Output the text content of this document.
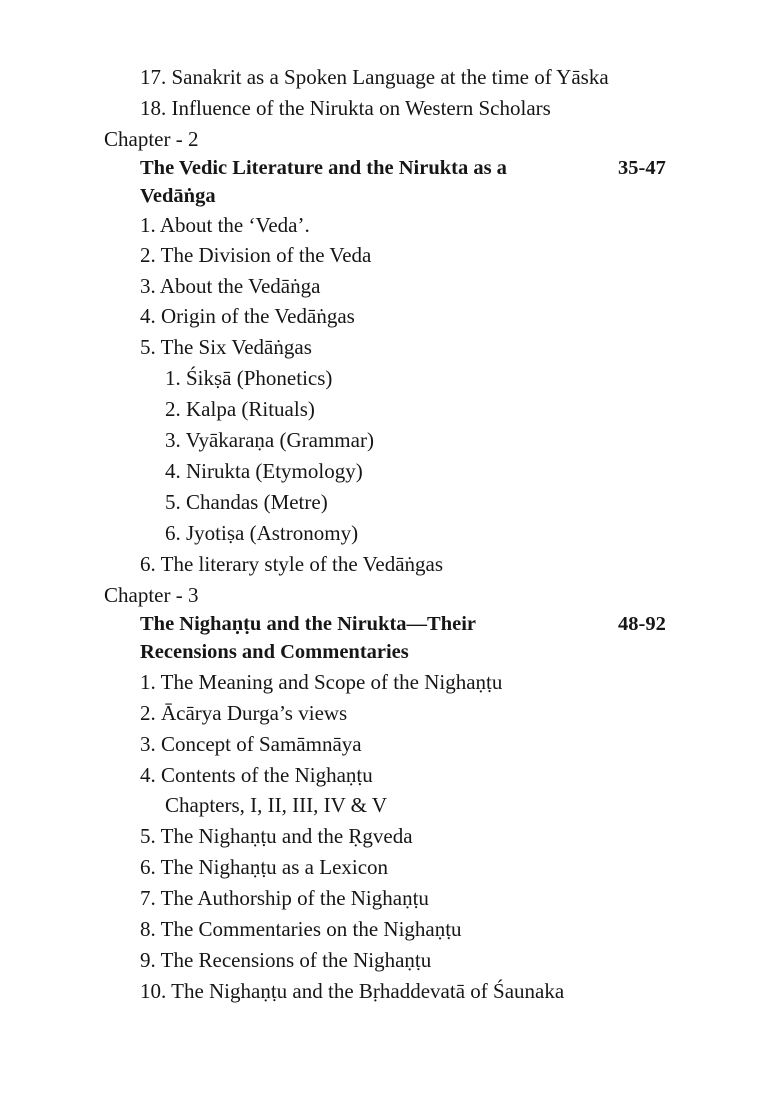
17. Sanakrit as a Spoken Language at the time of Yāska
18. Influence of the Nirukta on Western Scholars
Chapter - 2
The Vedic Literature and the Nirukta as a	35-47
Vedāṅga
1. About the ‘Veda’.
2. The Division of the Veda
3. About the Vedāṅga
4. Origin of the Vedāṅgas
5. The Six Vedāṅgas
1. Śikṣā (Phonetics)
2. Kalpa (Rituals)
3. Vyākaraṇa (Grammar)
4. Nirukta (Etymology)
5. Chandas (Metre)
6. Jyotiṣa (Astronomy)
6. The literary style of the Vedāṅgas
Chapter - 3
The Nighaṇṭu and the Nirukta—Their	48-92
Recensions and Commentaries
1. The Meaning and Scope of the Nighaṇṭu
2. Ācārya Durga’s views
3. Concept of Samāmnāya
4. Contents of the Nighaṇṭu
Chapters, I, II, III, IV & V
5. The Nighaṇṭu and the Ṛgveda
6. The Nighaṇṭu as a Lexicon
7. The Authorship of the Nighaṇṭu
8. The Commentaries on the Nighaṇṭu
9. The Recensions of the Nighaṇṭu
10. The Nighaṇṭu and the Bṛhaddevatā of Śaunaka
